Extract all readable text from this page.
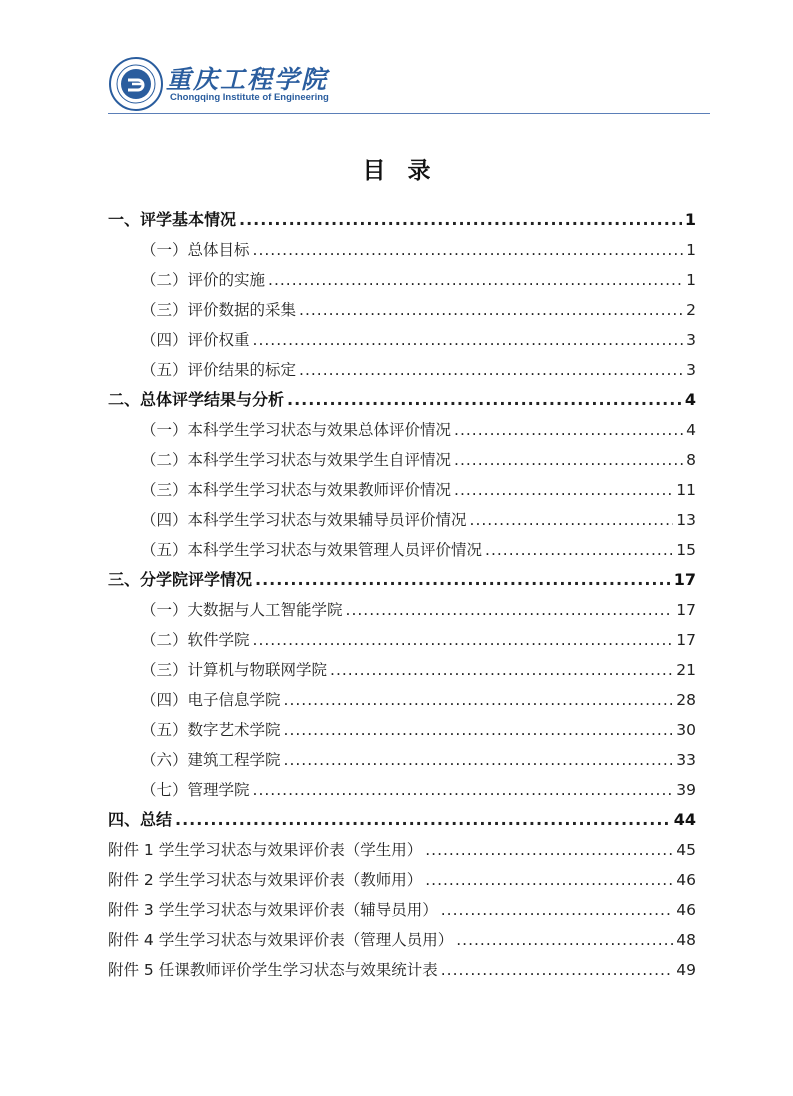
重庆工程学院
Chongqing Institute of Engineering
目录
一、评学基本情况 .....	1
（一）总体目标 .....	1
（二）评价的实施 .....	1
（三）评价数据的采集 .....	2
（四）评价权重 .....	3
（五）评价结果的标定 .....	3
二、总体评学结果与分析 .....	4
（一）本科学生学习状态与效果总体评价情况 .....	4
（二）本科学生学习状态与效果学生自评情况 .....	8
（三）本科学生学习状态与效果教师评价情况 .....	11
（四）本科学生学习状态与效果辅导员评价情况 .....	13
（五）本科学生学习状态与效果管理人员评价情况 .....	15
三、分学院评学情况 .....	17
（一）大数据与人工智能学院 .....	17
（二）软件学院 .....	17
（三）计算机与物联网学院 .....	21
（四）电子信息学院 .....	28
（五）数字艺术学院 .....	30
（六）建筑工程学院 .....	33
（七）管理学院 .....	39
四、总结 .....	44
附件 1 学生学习状态与效果评价表（学生用） .....	45
附件 2 学生学习状态与效果评价表（教师用） .....	46
附件 3 学生学习状态与效果评价表（辅导员用） .....	46
附件 4 学生学习状态与效果评价表（管理人员用） .....	48
附件 5 任课教师评价学生学习状态与效果统计表 .....	49
